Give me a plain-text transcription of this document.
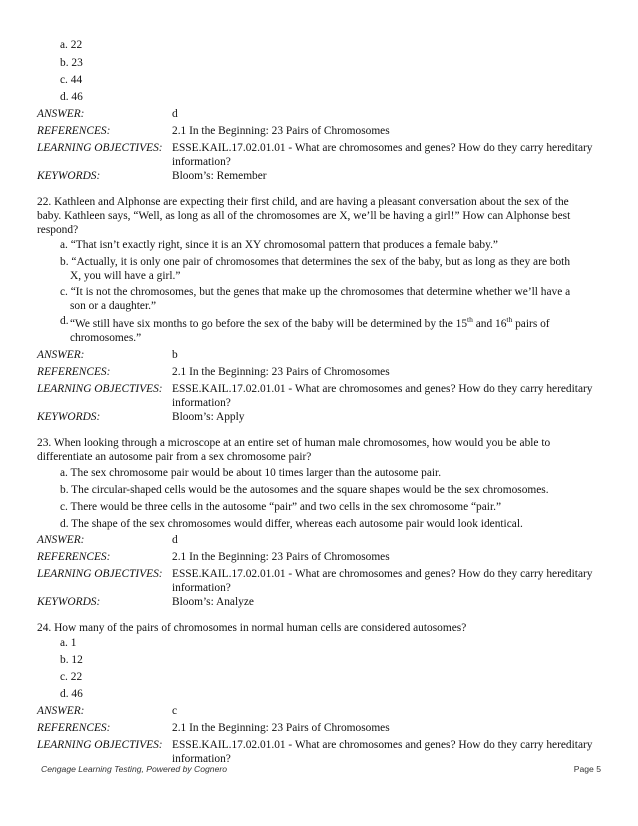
a. 22
b. 23
c. 44
d. 46
ANSWER:	d
REFERENCES:	2.1 In the Beginning: 23 Pairs of Chromosomes
LEARNING OBJECTIVES: ESSE.KAIL.17.02.01.01 - What are chromosomes and genes? How do they carry hereditary
information?
KEYWORDS:	Bloom’s: Remember
22. Kathleen and Alphonse are expecting their first child, and are having a pleasant conversation about the sex of the
baby. Kathleen says, “Well, as long as all of the chromosomes are X, we’ll be having a girl!” How can Alphonse best
respond?
a. “That isn’t exactly right, since it is an XY chromosomal pattern that produces a female baby.”
b. “Actually, it is only one pair of chromosomes that determines the sex of the baby, but as long as they are both
X, you will have a girl.”
c. “It is not the chromosomes, but the genes that make up the chromosomes that determine whether we’ll have a
son or a daughter.”
d. “We still have six months to go before the sex of the baby will be determined by the 15th and 16th pairs of
chromosomes.”
ANSWER:	b
REFERENCES:	2.1 In the Beginning: 23 Pairs of Chromosomes
LEARNING OBJECTIVES: ESSE.KAIL.17.02.01.01 - What are chromosomes and genes? How do they carry hereditary
information?
KEYWORDS:	Bloom’s: Apply
23. When looking through a microscope at an entire set of human male chromosomes, how would you be able to
differentiate an autosome pair from a sex chromosome pair?
a. The sex chromosome pair would be about 10 times larger than the autosome pair.
b. The circular-shaped cells would be the autosomes and the square shapes would be the sex chromosomes.
c. There would be three cells in the autosome “pair” and two cells in the sex chromosome “pair.”
d. The shape of the sex chromosomes would differ, whereas each autosome pair would look identical.
ANSWER:	d
REFERENCES:	2.1 In the Beginning: 23 Pairs of Chromosomes
LEARNING OBJECTIVES: ESSE.KAIL.17.02.01.01 - What are chromosomes and genes? How do they carry hereditary
information?
KEYWORDS:	Bloom’s: Analyze
24. How many of the pairs of chromosomes in normal human cells are considered autosomes?
a. 1
b. 12
c. 22
d. 46
ANSWER:	c
REFERENCES:	2.1 In the Beginning: 23 Pairs of Chromosomes
LEARNING OBJECTIVES: ESSE.KAIL.17.02.01.01 - What are chromosomes and genes? How do they carry hereditary
information?
Cengage Learning Testing, Powered by Cognero	Page 5
